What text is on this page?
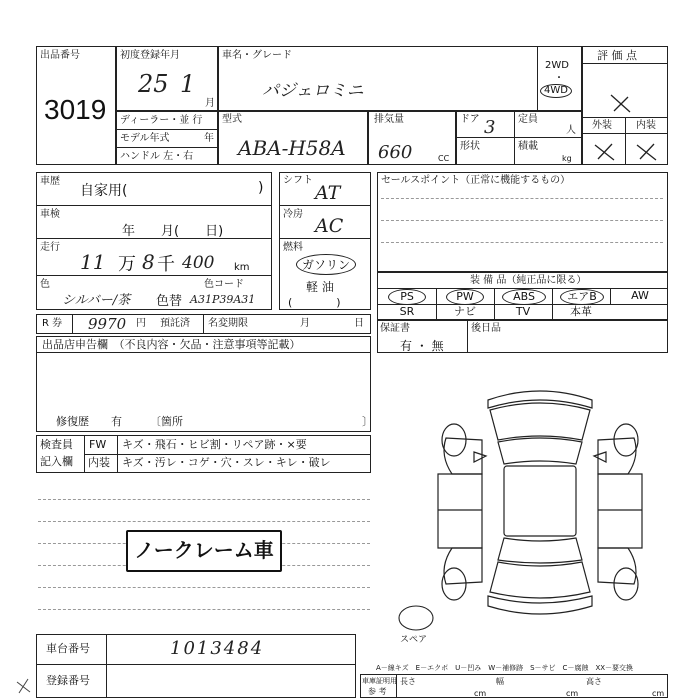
出品番号
3019
初度登録年月
25 1
月
車名・グレード
パジェロミニ
2WD
・
4WD
評 価 点
ディーラー・並 行
モデル年式	年
ハンドル 左・右
型式
ABA-H58A
排気量
660	CC
ドア 3 定員
人
形状	積載
kg
外装 内装
車歴
自家用(	)
車検
年　　月(　　日)
走行
11 万 8 千 400 km
色
シルバー/茶 色替
色コード
A31P39A31
シフト
AT
冷房
AC
燃料
ガソリン
軽 油
(　　　　)
セールスポイント（正常に機能するもの）
装 備 品（純正品に限る）
PS	PW	ABS	エアB	AW
SR	ナビ	TV	本革
R 券 9970 円 預託済 名変期限	月	日 保証書
有 ・ 無
後日品
出品店申告欄　（不良内容・欠品・注意事項等記載）
修復歴　　有	〔箇所	〕
検査員
記入欄
FW キズ・飛石・ヒビ割・リペア跡・×要
内装 キズ・汚レ・コゲ・穴・スレ・キレ・破レ
ノークレーム車
スペア
A－線キズ　E－エクボ　U－凹み　W－補修跡　S－サビ　C－腐蝕　XX－要交換
車庫証明用
参 考
長さ
cm
幅
cm
高さ
cm
車台番号	1013484
登録番号
